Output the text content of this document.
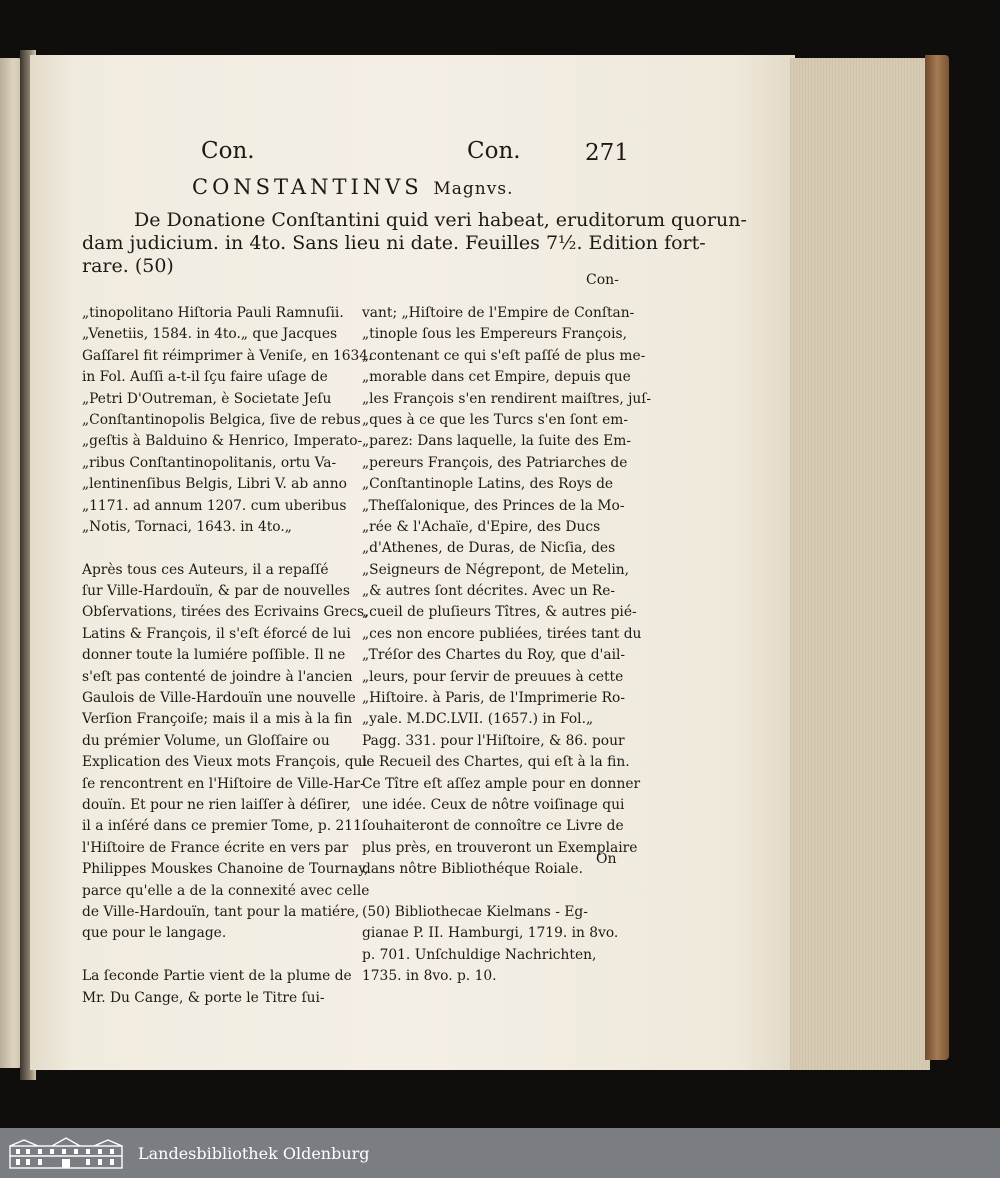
Con.	Con.	271
CONSTANTINVS Magnvs.
De Donatione Conſtantini quid veri habeat, eruditorum quorun-
dam judicium. in 4to. Sans lieu ni date. Feuilles 7½. Edition fort-
rare. (50)
Con-
„tinopolitano Hiſtoria Pauli Ramnuſii.
„Venetiis, 1584. in 4to.„ que Jacques
Gaſſarel fit réimprimer à Veniſe, en 1634.
in Fol. Auſſi a-t-il ſçu faire uſage de
„Petri D'Outreman, è Societate Jeſu
„Conſtantinopolis Belgica, ſive de rebus
„geſtis à Balduino & Henrico, Imperato-
„ribus Conſtantinopolitanis, ortu Va-
„lentinenſibus Belgis, Libri V. ab anno
„1171. ad annum 1207. cum uberibus
„Notis, Tornaci, 1643. in 4to.„
Après tous ces Auteurs, il a repaſſé
ſur Ville-Hardouïn, & par de nouvelles
Obſervations, tirées des Ecrivains Grecs,
Latins & François, il s'eſt éforcé de lui
donner toute la lumiére poſſible. Il ne
s'eſt pas contenté de joindre à l'ancien
Gaulois de Ville-Hardouïn une nouvelle
Verſion Françoiſe; mais il a mis à la fin
du prémier Volume, un Gloſſaire ou
Explication des Vieux mots François, qui
ſe rencontrent en l'Hiſtoire de Ville-Har-
douïn. Et pour ne rien laiſſer à déſirer,
il a inſéré dans ce premier Tome, p. 211.
l'Hiſtoire de France écrite en vers par
Philippes Mouskes Chanoine de Tournay,
parce qu'elle a de la connexité avec celle
de Ville-Hardouïn, tant pour la matiére,
que pour le langage.
La ſeconde Partie vient de la plume de
Mr. Du Cange, & porte le Titre ſui-
vant; „Hiſtoire de l'Empire de Conſtan-
„tinople ſous les Empereurs François,
„contenant ce qui s'eſt paſſé de plus me-
„morable dans cet Empire, depuis que
„les François s'en rendirent maiſtres, juſ-
„ques à ce que les Turcs s'en ſont em-
„parez: Dans laquelle, la ſuite des Em-
„pereurs François, des Patriarches de
„Conſtantinople Latins, des Roys de
„Theſſalonique, des Princes de la Mo-
„rée & l'Achaïe, d'Epire, des Ducs
„d'Athenes, de Duras, de Nicſia, des
„Seigneurs de Négrepont, de Metelin,
„& autres ſont décrites. Avec un Re-
„cueil de pluſieurs Tîtres, & autres pié-
„ces non encore publiées, tirées tant du
„Tréſor des Chartes du Roy, que d'ail-
„leurs, pour ſervir de preuues à cette
„Hiſtoire. à Paris, de l'Imprimerie Ro-
„yale. M.DC.LVII. (1657.) in Fol.„
Pagg. 331. pour l'Hiſtoire, & 86. pour
le Recueil des Chartes, qui eſt à la fin.
Ce Tître eſt aſſez ample pour en donner
une idée. Ceux de nôtre voiſinage qui
ſouhaiteront de connoître ce Livre de
plus près, en trouveront un Exemplaire
dans nôtre Bibliothéque Roiale.
(50) Bibliothecae Kielmans - Eg-
gianae P. II. Hamburgi, 1719. in 8vo.
p. 701. Unſchuldige Nachrichten,
1735. in 8vo. p. 10.
On
Landesbibliothek Oldenburg
